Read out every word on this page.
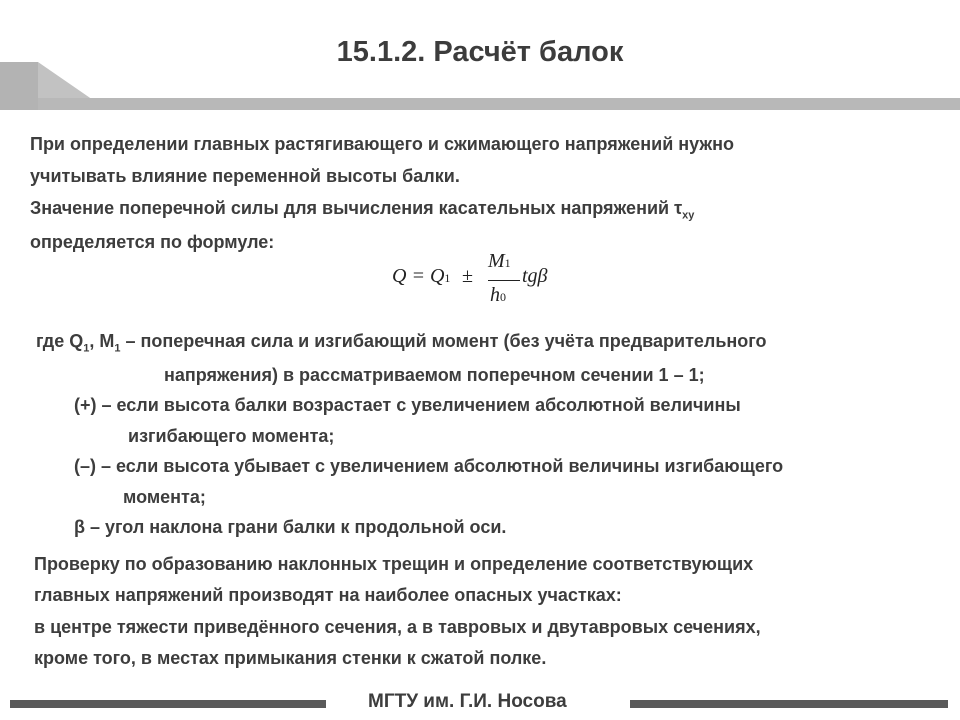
15.1.2. Расчёт балок
При определении главных растягивающего и сжимающего напряжений нужно
учитывать влияние переменной высоты балки.
Значение поперечной силы для вычисления касательных напряжений $\tau_{xy}$
определяется по формуле:
Q = Q1 ±
M1
h0
tgβ
где $Q_1$, $M_1$ – поперечная сила и изгибающий момент (без учёта предварительного
напряжения) в рассматриваемом поперечном сечении 1 – 1;
(+) – если высота балки возрастает с увеличением абсолютной величины
изгибающего момента;
(–) – если высота убывает с увеличением абсолютной величины изгибающего
момента;
β – угол наклона грани балки к продольной оси.
Проверку по образованию наклонных трещин и определение соответствующих
главных напряжений производят на наиболее опасных участках:
в центре тяжести приведённого сечения, а в тавровых и двутавровых сечениях,
кроме того, в местах примыкания стенки к сжатой полке.
МГТУ им. Г.И. Носова
